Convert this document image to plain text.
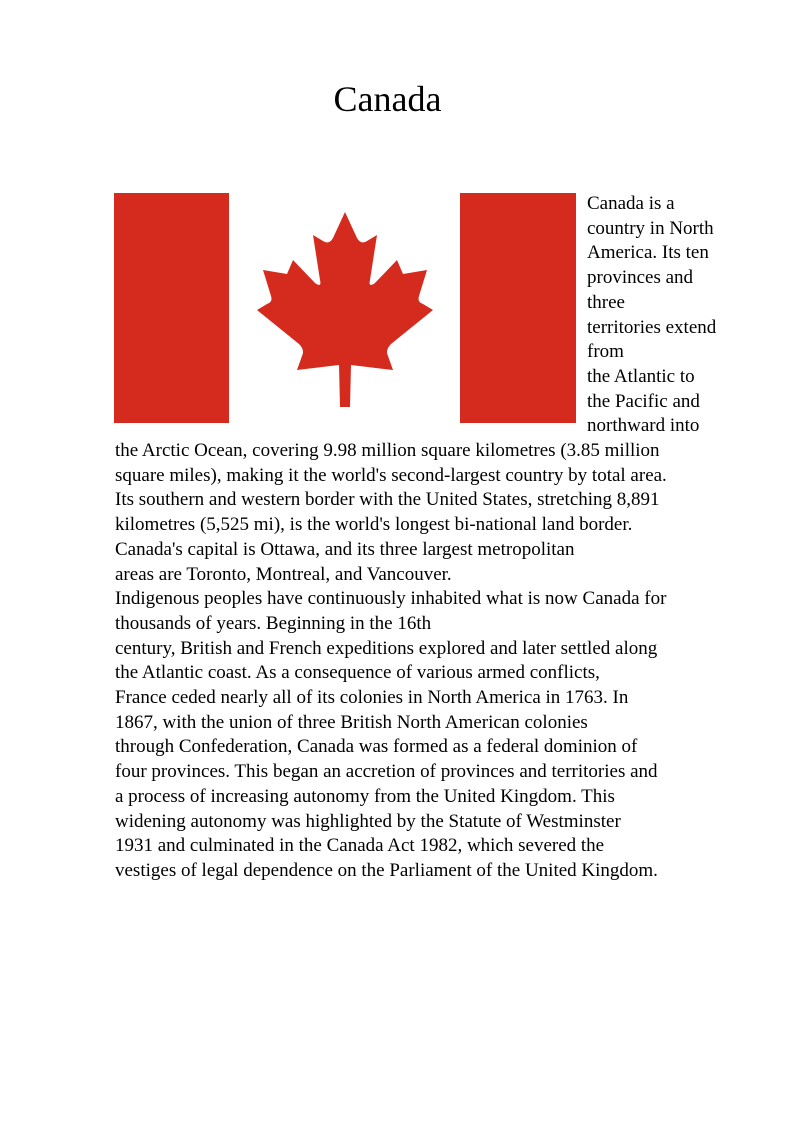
Canada
Canada is a
country in North
America. Its ten
provinces and
three
territories extend
from
the Atlantic to
the Pacific and
northward into
the Arctic Ocean, covering 9.98 million square kilometres (3.85 million
square miles), making it the world's second-largest country by total area.
Its southern and western border with the United States, stretching 8,891
kilometres (5,525 mi), is the world's longest bi-national land border.
Canada's capital is Ottawa, and its three largest metropolitan
areas are Toronto, Montreal, and Vancouver.
Indigenous peoples have continuously inhabited what is now Canada for
thousands of years. Beginning in the 16th
century, British and French expeditions explored and later settled along
the Atlantic coast. As a consequence of various armed conflicts,
France ceded nearly all of its colonies in North America in 1763. In
1867, with the union of three British North American colonies
through Confederation, Canada was formed as a federal dominion of
four provinces. This began an accretion of provinces and territories and
a process of increasing autonomy from the United Kingdom. This
widening autonomy was highlighted by the Statute of Westminster
1931 and culminated in the Canada Act 1982, which severed the
vestiges of legal dependence on the Parliament of the United Kingdom.
